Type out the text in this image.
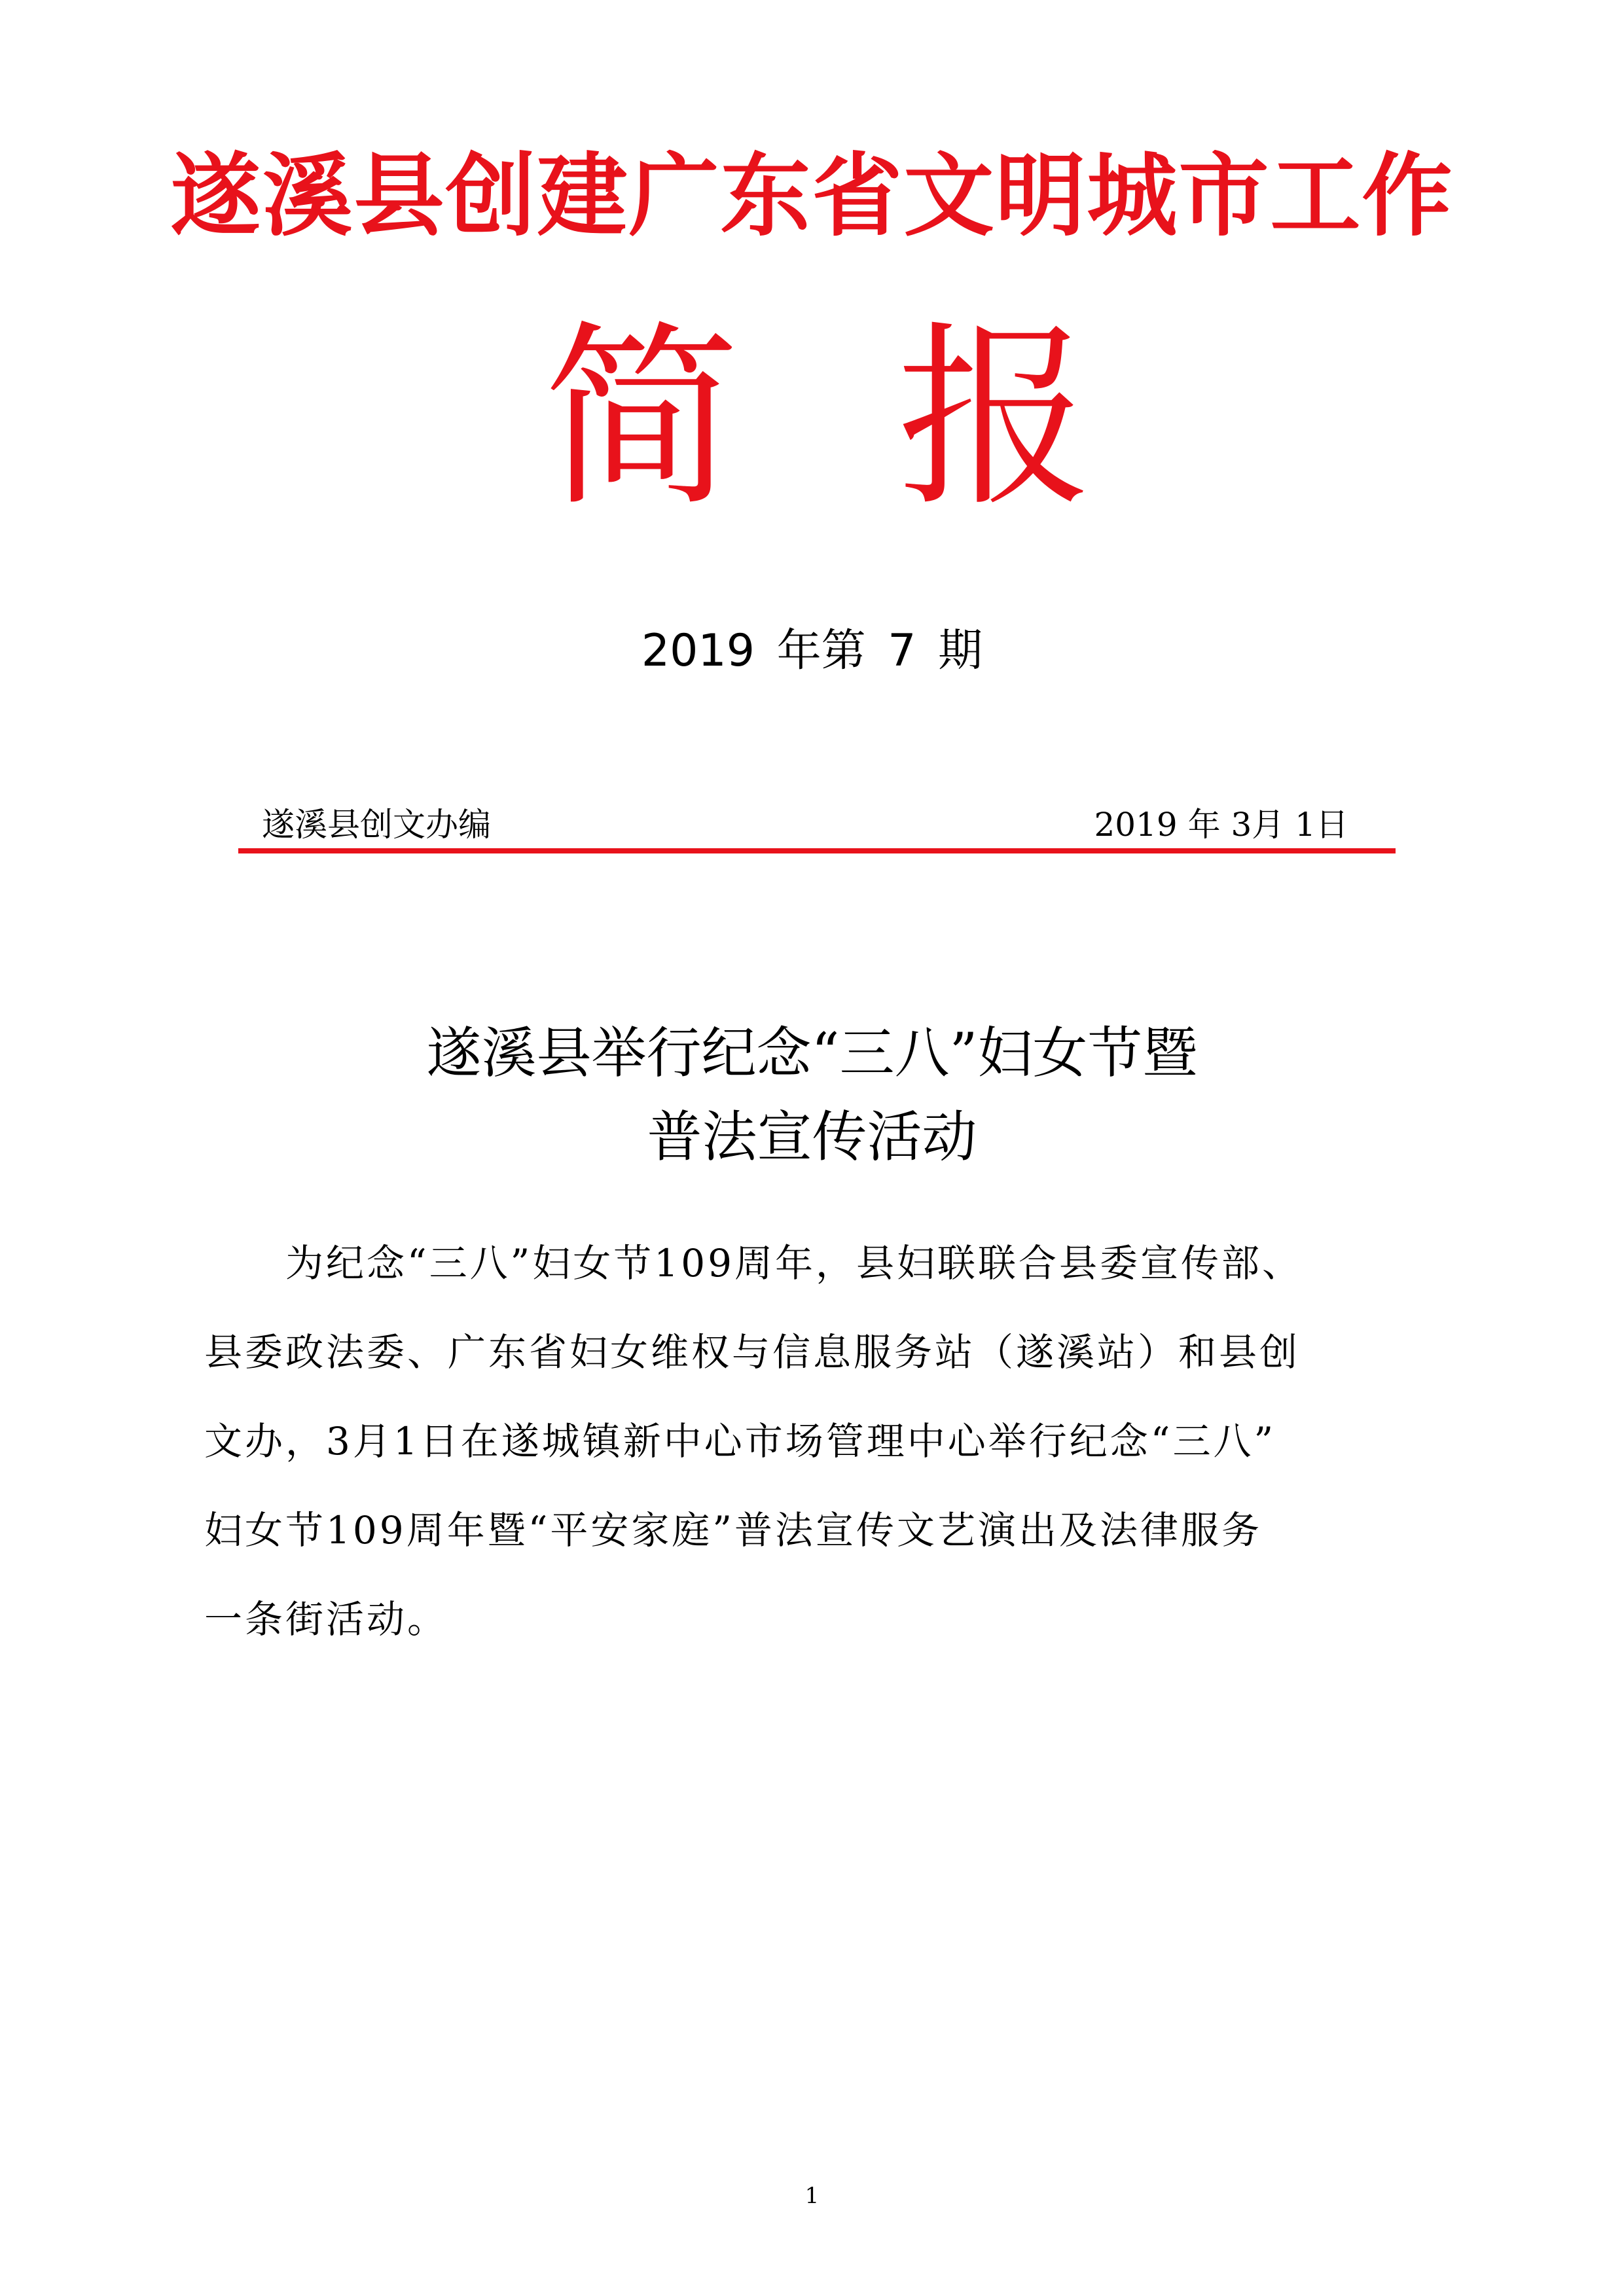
遂溪县创建广东省文明城市工作
简 报
2019 年第 7 期
遂溪县创文办编	2019 年 3月 1日
遂溪县举行纪念“三八”妇女节暨
普法宣传活动
为纪念“三八”妇女节109周年，县妇联联合县委宣传部、
县委政法委、广东省妇女维权与信息服务站（遂溪站）和县创
文办，3月1日在遂城镇新中心市场管理中心举行纪念“三八”
妇女节109周年暨“平安家庭”普法宣传文艺演出及法律服务
一条街活动。
1
